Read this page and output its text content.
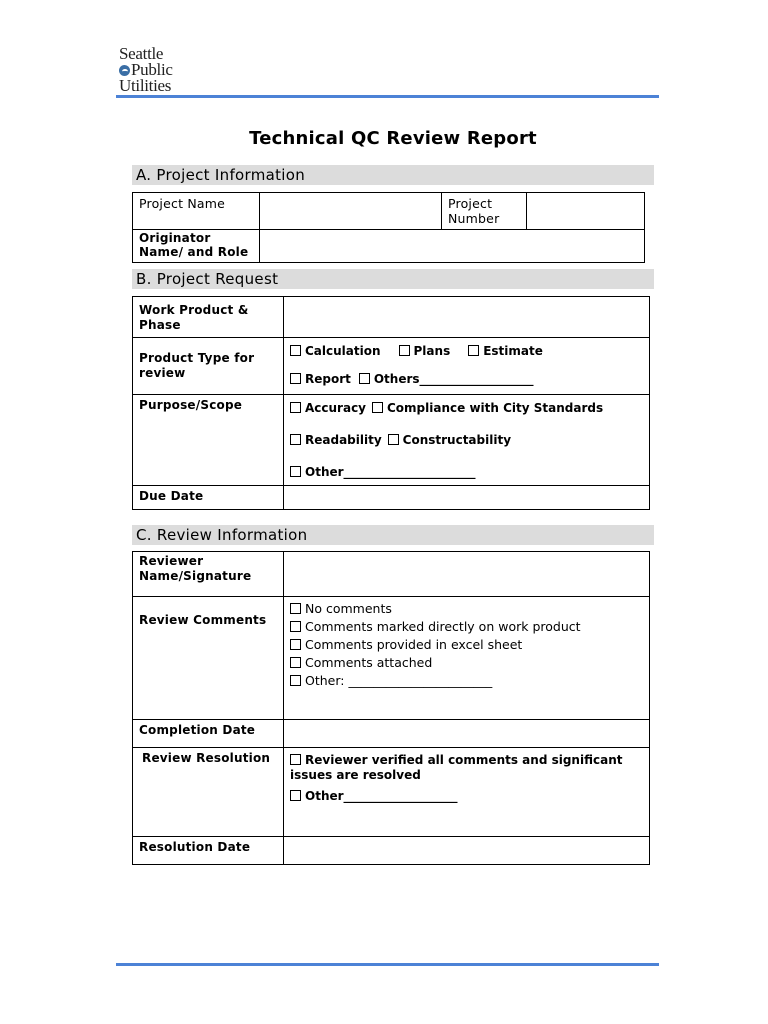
Seattle
Public
Utilities
Technical QC Review Report
A. Project Information
Project Name		Project Number	
Originator Name/ and Role			
B. Project Request
Work Product & Phase	
Product Type for review	Calculation Plans Estimate
Report Others___________________

Purpose/Scope	Accuracy Compliance with City Standards
Readability Constructability
Other______________________

Due Date	
C. Review Information
Reviewer Name/Signature	
Review Comments	No comments
Comments marked directly on work product
Comments provided in excel sheet
Comments attached
Other: _______________________

Completion Date	
Review Resolution	Reviewer verified all comments and significant issues are resolved
Other___________________

Resolution Date	
